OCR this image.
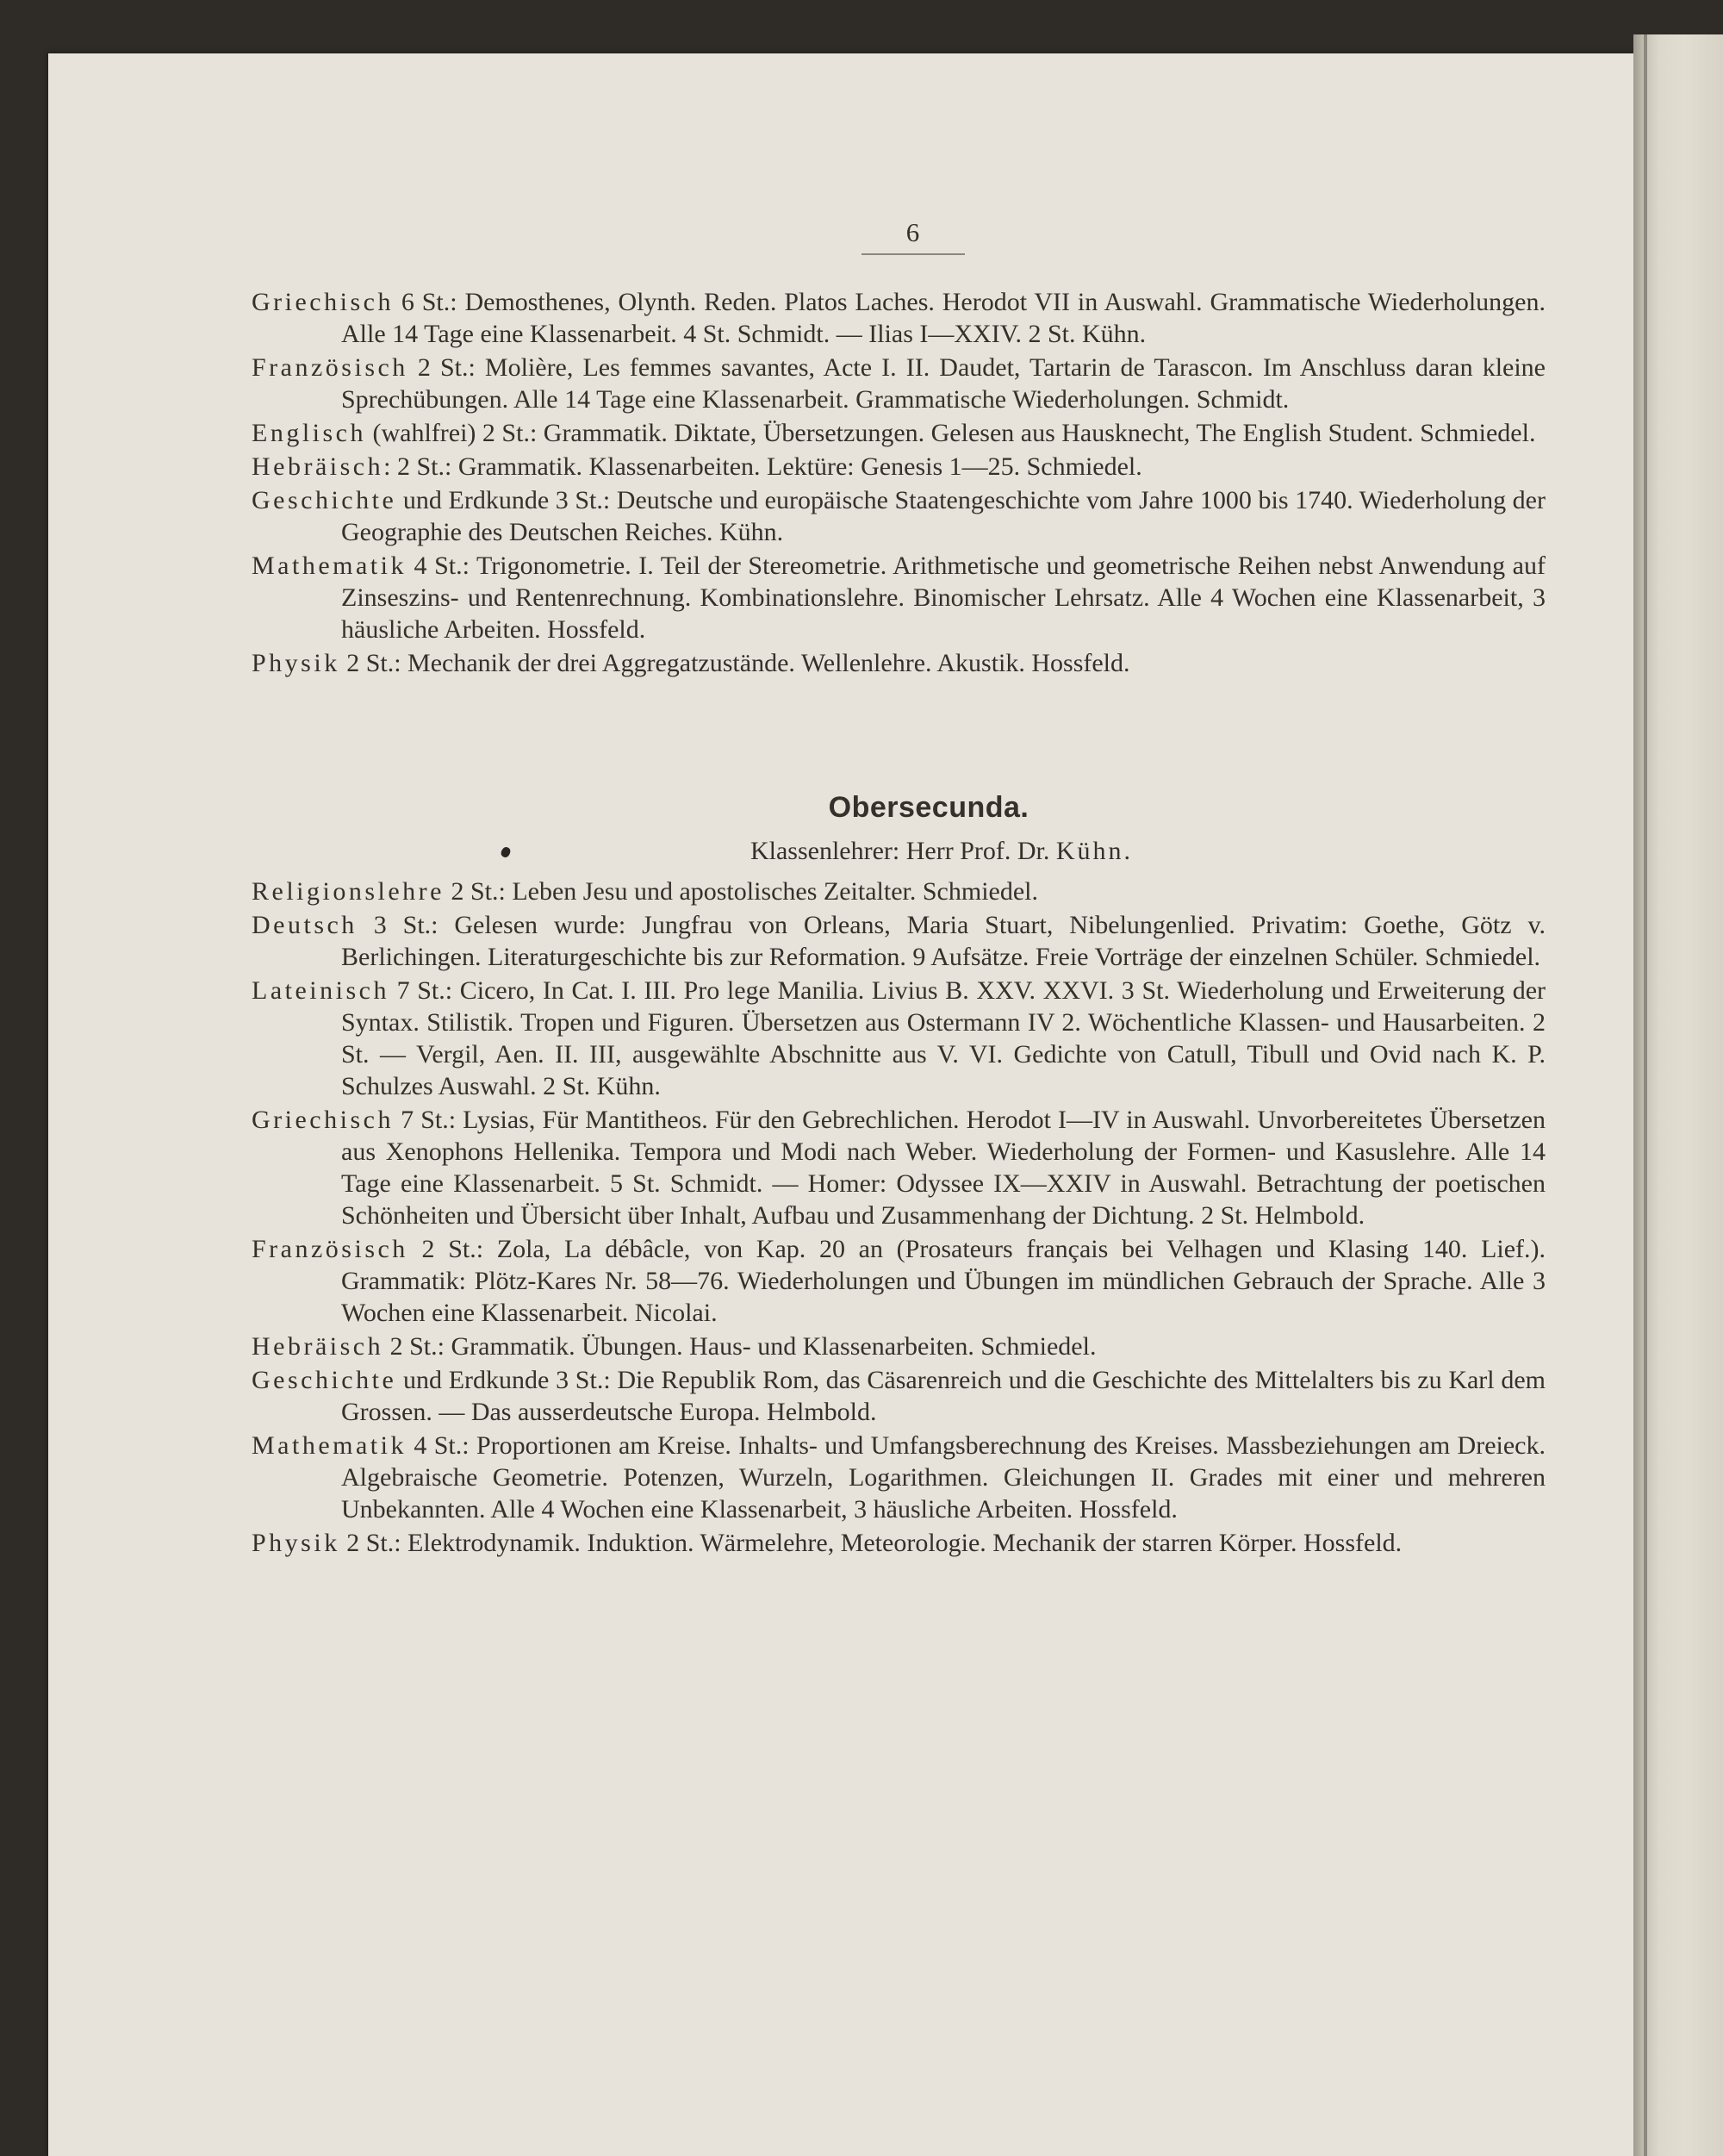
6

Griechisch 6 St.: Demosthenes, Olynth. Reden. Platos Laches. Herodot VII in Auswahl. Grammatische Wiederholungen. Alle 14 Tage eine Klassenarbeit. 4 St. Schmidt. — Ilias I—XXIV. 2 St. Kühn.

Französisch 2 St.: Molière, Les femmes savantes, Acte I. II. Daudet, Tartarin de Tarascon. Im Anschluss daran kleine Sprechübungen. Alle 14 Tage eine Klassenarbeit. Grammatische Wiederholungen. Schmidt.

Englisch (wahlfrei) 2 St.: Grammatik. Diktate, Übersetzungen. Gelesen aus Hausknecht, The English Student. Schmiedel.

Hebräisch: 2 St.: Grammatik. Klassenarbeiten. Lektüre: Genesis 1—25. Schmiedel.

Geschichte und Erdkunde 3 St.: Deutsche und europäische Staatengeschichte vom Jahre 1000 bis 1740. Wiederholung der Geographie des Deutschen Reiches. Kühn.

Mathematik 4 St.: Trigonometrie. I. Teil der Stereometrie. Arithmetische und geometrische Reihen nebst Anwendung auf Zinseszins- und Rentenrechnung. Kombinationslehre. Binomischer Lehrsatz. Alle 4 Wochen eine Klassenarbeit, 3 häusliche Arbeiten. Hossfeld.

Physik 2 St.: Mechanik der drei Aggregatzustände. Wellenlehre. Akustik. Hossfeld.

Obersecunda.
Klassenlehrer: Herr Prof. Dr. Kühn.

Religionslehre 2 St.: Leben Jesu und apostolisches Zeitalter. Schmiedel.

Deutsch 3 St.: Gelesen wurde: Jungfrau von Orleans, Maria Stuart, Nibelungenlied. Privatim: Goethe, Götz v. Berlichingen. Literaturgeschichte bis zur Reformation. 9 Aufsätze. Freie Vorträge der einzelnen Schüler. Schmiedel.

Lateinisch 7 St.: Cicero, In Cat. I. III. Pro lege Manilia. Livius B. XXV. XXVI. 3 St. Wiederholung und Erweiterung der Syntax. Stilistik. Tropen und Figuren. Übersetzen aus Ostermann IV 2. Wöchentliche Klassen- und Hausarbeiten. 2 St. — Vergil, Aen. II. III, ausgewählte Abschnitte aus V. VI. Gedichte von Catull, Tibull und Ovid nach K. P. Schulzes Auswahl. 2 St. Kühn.

Griechisch 7 St.: Lysias, Für Mantitheos. Für den Gebrechlichen. Herodot I—IV in Auswahl. Unvorbereitetes Übersetzen aus Xenophons Hellenika. Tempora und Modi nach Weber. Wiederholung der Formen- und Kasuslehre. Alle 14 Tage eine Klassenarbeit. 5 St. Schmidt. — Homer: Odyssee IX—XXIV in Auswahl. Betrachtung der poetischen Schönheiten und Übersicht über Inhalt, Aufbau und Zusammenhang der Dichtung. 2 St. Helmbold.

Französisch 2 St.: Zola, La débâcle, von Kap. 20 an (Prosateurs français bei Velhagen und Klasing 140. Lief.). Grammatik: Plötz-Kares Nr. 58—76. Wiederholungen und Übungen im mündlichen Gebrauch der Sprache. Alle 3 Wochen eine Klassenarbeit. Nicolai.

Hebräisch 2 St.: Grammatik. Übungen. Haus- und Klassenarbeiten. Schmiedel.

Geschichte und Erdkunde 3 St.: Die Republik Rom, das Cäsarenreich und die Geschichte des Mittelalters bis zu Karl dem Grossen. — Das ausserdeutsche Europa. Helmbold.

Mathematik 4 St.: Proportionen am Kreise. Inhalts- und Umfangsberechnung des Kreises. Massbeziehungen am Dreieck. Algebraische Geometrie. Potenzen, Wurzeln, Logarithmen. Gleichungen II. Grades mit einer und mehreren Unbekannten. Alle 4 Wochen eine Klassenarbeit, 3 häusliche Arbeiten. Hossfeld.

Physik 2 St.: Elektrodynamik. Induktion. Wärmelehre, Meteorologie. Mechanik der starren Körper. Hossfeld.
